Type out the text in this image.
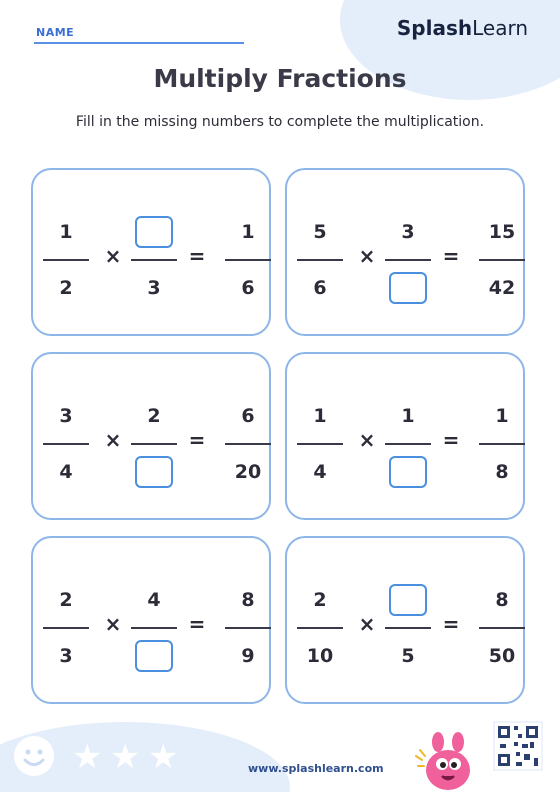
NAME	SplashLearn
Multiply Fractions
Fill in the missing numbers to complete the multiplication.
1
2	3
1
6
×	=
5
6
3	15
42
×	=
3
4
2	6
20
×	=
1
4
1	1
8
×	=
2
3
4	8
9
×	=
2
10	5
8
50
×	=
★ ★ ★	www.splashlearn.com
